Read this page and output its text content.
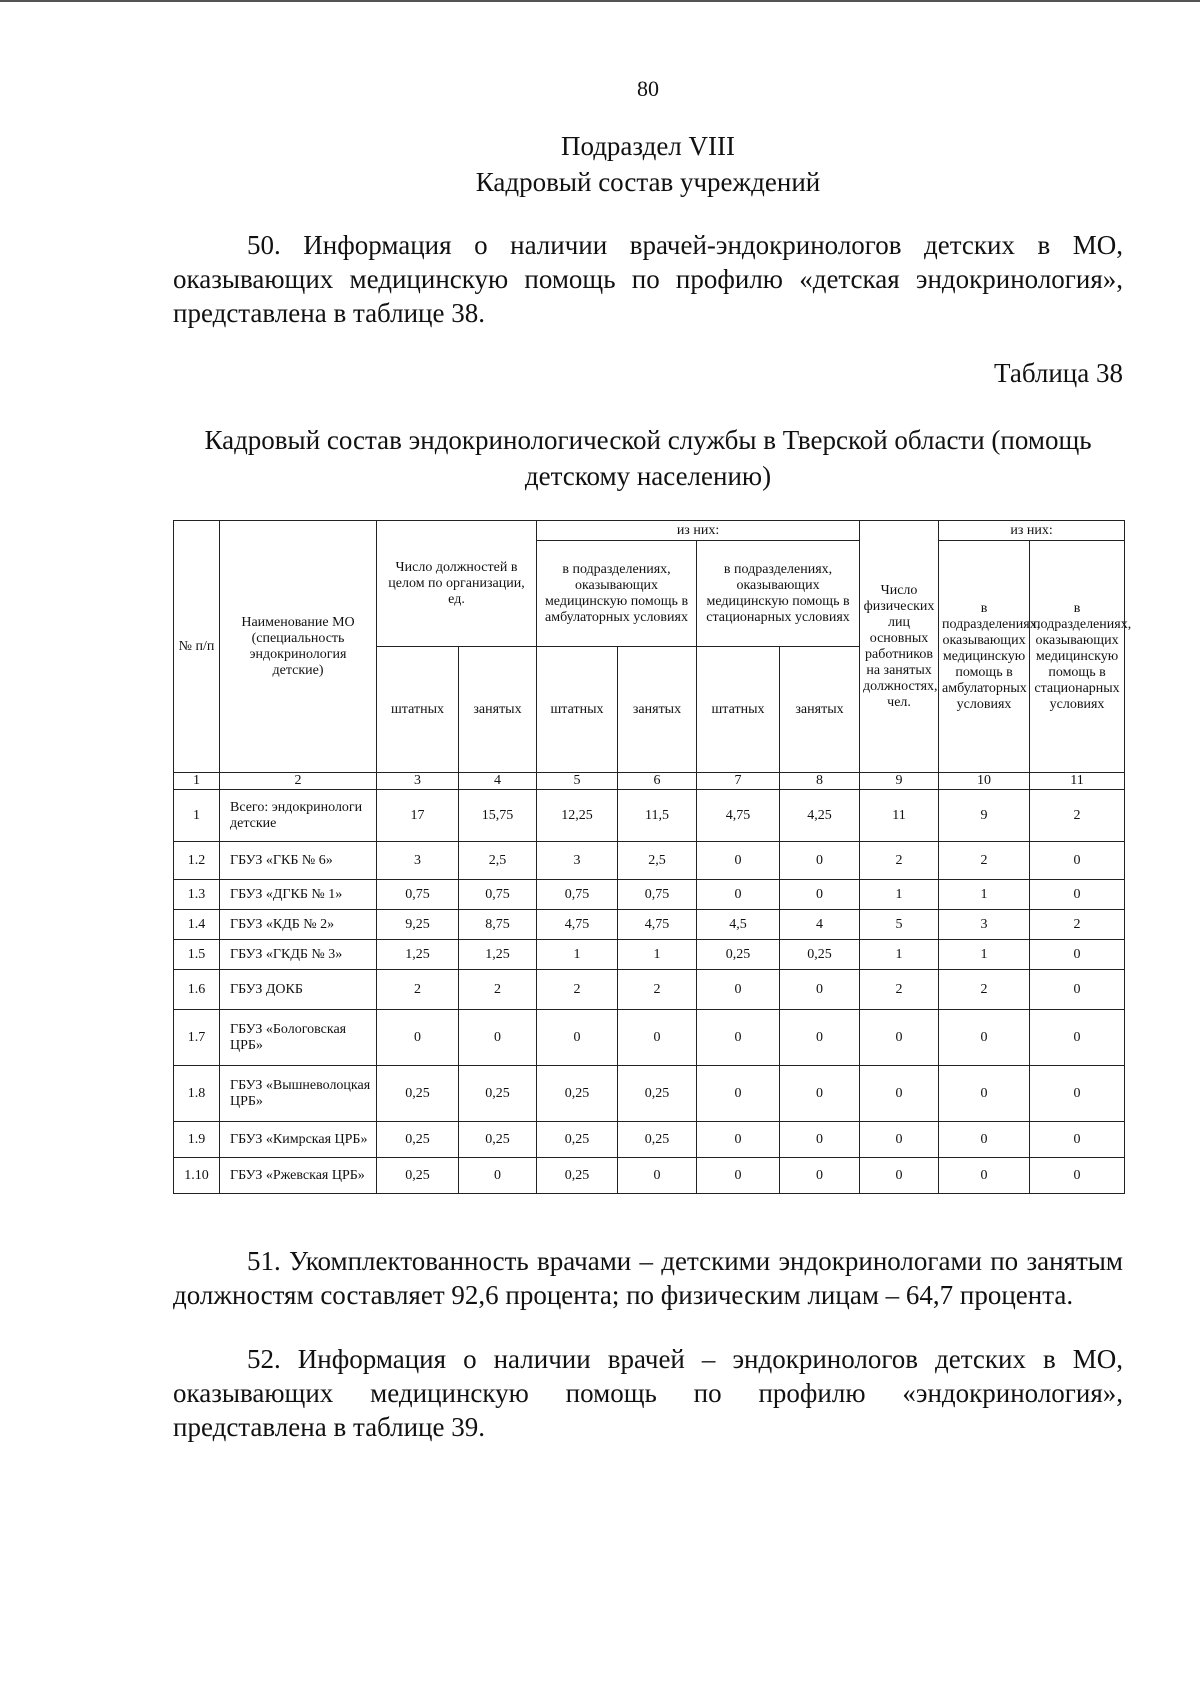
80
Подраздел VIII
Кадровый состав учреждений

50. Информация о наличии врачей-эндокринологов детских в МО, оказывающих медицинскую помощь по профилю «детская эндокринология», представлена в таблице 38.

Таблица 38
Кадровый состав эндокринологической службы в Тверской области (помощь детскому населению)
№ п/п	Наименование МО (специальность эндокринология детские)	Число должностей в целом по организации, ед.		из них:				Число физических лиц основных работников на занятых должностях, чел.	из них:	
				в подразделениях, оказывающих медицинскую помощь в амбулаторных условиях		в подразделениях, оказывающих медицинскую помощь в стационарных условиях			в подразделениях, оказывающих медицинскую помощь в амбулаторных условиях	в подразделениях, оказывающих медицинскую помощь в стационарных условиях
		штатных	занятых	штатных	занятых	штатных	занятых			
1	2	3	4	5	6	7	8	9	10	11
1	Всего: эндокринологи детские	17	15,75	12,25	11,5	4,75	4,25	11	9	2
1.2	ГБУЗ «ГКБ № 6»	3	2,5	3	2,5	0	0	2	2	0
1.3	ГБУЗ «ДГКБ № 1»	0,75	0,75	0,75	0,75	0	0	1	1	0
1.4	ГБУЗ «КДБ № 2»	9,25	8,75	4,75	4,75	4,5	4	5	3	2
1.5	ГБУЗ «ГКДБ № 3»	1,25	1,25	1	1	0,25	0,25	1	1	0
1.6	ГБУЗ ДОКБ	2	2	2	2	0	0	2	2	0
1.7	ГБУЗ «Бологовская ЦРБ»	0	0	0	0	0	0	0	0	0
1.8	ГБУЗ «Вышневолоцкая ЦРБ»	0,25	0,25	0,25	0,25	0	0	0	0	0
1.9	ГБУЗ «Кимрская ЦРБ»	0,25	0,25	0,25	0,25	0	0	0	0	0
1.10	ГБУЗ «Ржевская ЦРБ»	0,25	0	0,25	0	0	0	0	0	0

51. Укомплектованность врачами – детскими эндокринологами по занятым должностям составляет 92,6 процента; по физическим лицам – 64,7 процента.

52. Информация о наличии врачей – эндокринологов детских в МО, оказывающих медицинскую помощь по профилю «эндокринология», представлена в таблице 39.
